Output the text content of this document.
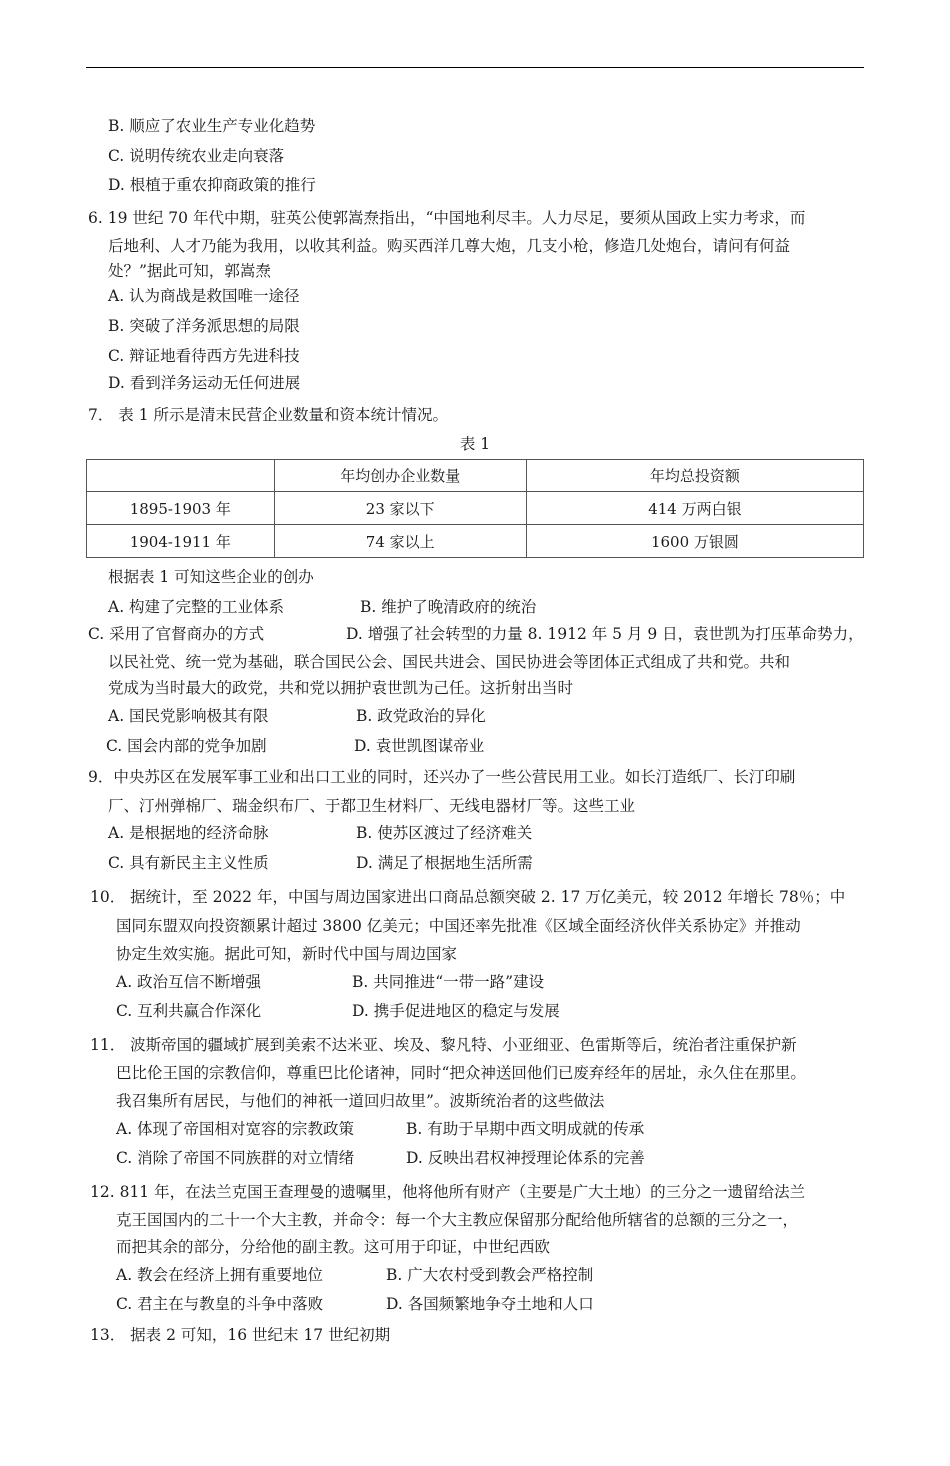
B. 顺应了农业生产专业化趋势
C. 说明传统农业走向衰落
D. 根植于重农抑商政策的推行
6. 19 世纪 70 年代中期，驻英公使郭嵩焘指出，“中国地利尽丰。人力尽足，要须从国政上实力考求，而
后地利、人才乃能为我用，以收其利益。购买西洋几尊大炮，几支小枪，修造几处炮台，请问有何益
处？”据此可知，郭嵩焘
A. 认为商战是救国唯一途径
B. 突破了洋务派思想的局限
C. 辩证地看待西方先进科技
D. 看到洋务运动无任何进展
7． 表 1 所示是清末民营企业数量和资本统计情况。
表 1
	年均创办企业数量	年均总投资额
1895-1903 年	23 家以下	414 万两白银
1904-1911 年	74 家以上	1600 万银圆
根据表 1 可知这些企业的创办
A. 构建了完整的工业体系	B. 维护了晚清政府的统治
C. 采用了官督商办的方式	D. 增强了社会转型的力量 8. 1912 年 5 月 9 日，袁世凯为打压革命势力，
以民社党、统一党为基础，联合国民公会、国民共进会、国民协进会等团体正式组成了共和党。共和
党成为当时最大的政党，共和党以拥护袁世凯为己任。这折射出当时
A. 国民党影响极其有限	B. 政党政治的异化
C. 国会内部的党争加剧	D. 袁世凯图谋帝业
9．中央苏区在发展军事工业和出口工业的同时，还兴办了一些公营民用工业。如长汀造纸厂、长汀印刷
厂、汀州弹棉厂、瑞金织布厂、于都卫生材料厂、无线电器材厂等。这些工业
A. 是根据地的经济命脉	B. 使苏区渡过了经济难关
C. 具有新民主主义性质	D. 满足了根据地生活所需
10． 据统计，至 2022 年，中国与周边国家进出口商品总额突破 2. 17 万亿美元，较 2012 年增长 78％；中
国同东盟双向投资额累计超过 3800 亿美元；中国还率先批准《区域全面经济伙伴关系协定》并推动
协定生效实施。据此可知，新时代中国与周边国家
A. 政治互信不断增强	B. 共同推进“一带一路”建设
C. 互利共赢合作深化	D. 携手促进地区的稳定与发展
11． 波斯帝国的疆域扩展到美索不达米亚、埃及、黎凡特、小亚细亚、色雷斯等后，统治者注重保护新
巴比伦王国的宗教信仰，尊重巴比伦诸神，同时“把众神送回他们已废弃经年的居址，永久住在那里。
我召集所有居民，与他们的神祇一道回归故里”。波斯统治者的这些做法
A. 体现了帝国相对宽容的宗教政策	B. 有助于早期中西文明成就的传承
C. 消除了帝国不同族群的对立情绪	D. 反映出君权神授理论体系的完善
12. 811 年，在法兰克国王查理曼的遗嘱里，他将他所有财产（主要是广大土地）的三分之一遗留给法兰
克王国国内的二十一个大主教，并命令：每一个大主教应保留那分配给他所辖省的总额的三分之一，
而把其余的部分，分给他的副主教。这可用于印证，中世纪西欧
A. 教会在经济上拥有重要地位	B. 广大农村受到教会严格控制
C. 君主在与教皇的斗争中落败	D. 各国频繁地争夺土地和人口
13． 据表 2 可知，16 世纪末 17 世纪初期
